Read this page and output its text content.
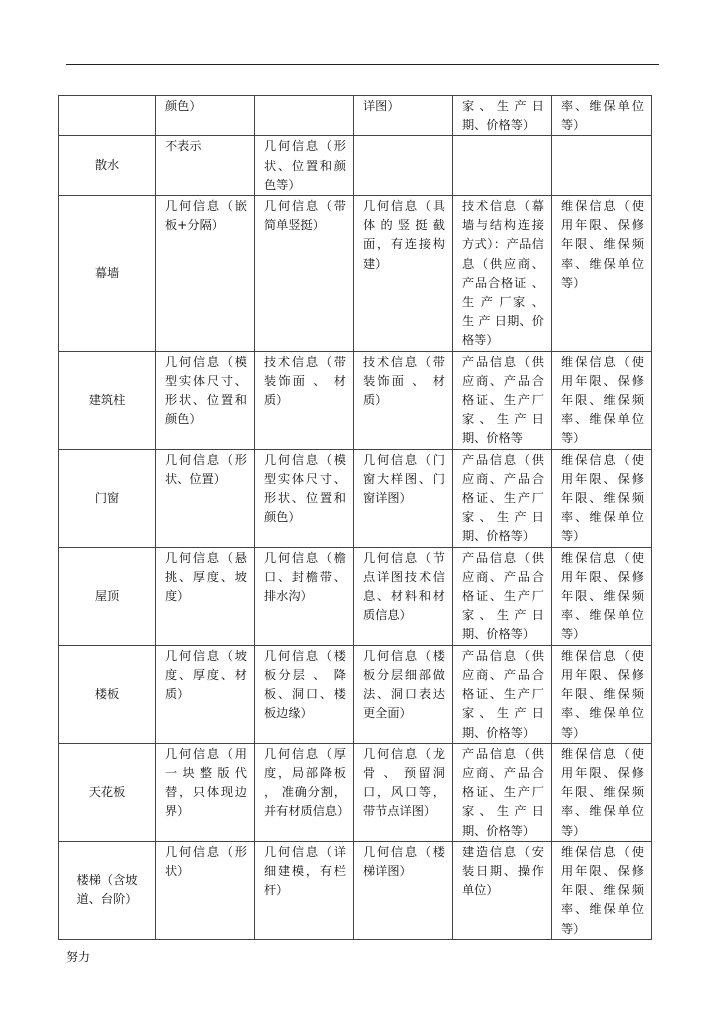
	颜色）		详图）	家 、 生 产 日期、价格等）	率、维保单位等）
散水	不表示	几何信息（形状、位置和颜色等）			
幕墙	几何信息（嵌板+分隔）	几何信息（带简单竖挺）	几何信息（具体的竖挺截面，有连接构建）	技术信息（幕墙与结构连接方式）：产品信息（供应商、产品合格证 、 生 产 厂家 、 生 产 日期、价格等）	维保信息（使用年限、保修年限、维保频率、维保单位等）
建筑柱	几何信息（模型实体尺寸、形状、位置和颜色）	技术信息（带装饰面 、 材质）	技术信息（带装饰面 、 材质）	产品信息（供应商、产品合格证、生产厂家 、 生 产 日期、价格等	维保信息（使用年限、保修年限、维保频率、维保单位等）
门窗	几何信息（形状、位置）	几何信息（模型实体尺寸、形状、位置和颜色）	几何信息（门窗大样图、门窗详图）	产品信息（供应商、产品合格证、生产厂家 、 生 产 日期、价格等）	维保信息（使用年限、保修年限、维保频率、维保单位等）
屋顶	几何信息（悬挑、厚度、坡度）	几何信息（檐口、封檐带、排水沟）	几何信息（节点详图技术信息、材料和材质信息）	产品信息（供应商、产品合格证、生产厂家 、 生 产 日期、价格等）	维保信息（使用年限、保修年限、维保频率、维保单位等）
楼板	几何信息（坡度、厚度、材质）	几何信息（楼板分层 、 降板、洞口、楼板边缘）	几何信息（楼板分层细部做法、洞口表达更全面）	产品信息（供应商、产品合格证、生产厂家 、 生 产 日期、价格等）	维保信息（使用年限、保修年限、维保频率、维保单位等）
天花板	几何信息（用一块整版代替，只体现边界）	几何信息（厚度，局部降板 ， 准确分割，并有材质信息）	几何信息（龙骨 、 预留洞口，风口等，带节点详图）	产品信息（供应商、产品合格证、生产厂家 、 生 产 日期、价格等）	维保信息（使用年限、保修年限、维保频率、维保单位等）
楼梯（含坡道、台阶）	几何信息（形状）	几何信息（详细建模，有栏杆）	几何信息（楼梯详图）	建造信息（安装日期、操作单位）	维保信息（使用年限、保修年限、维保频率、维保单位等）
努力
